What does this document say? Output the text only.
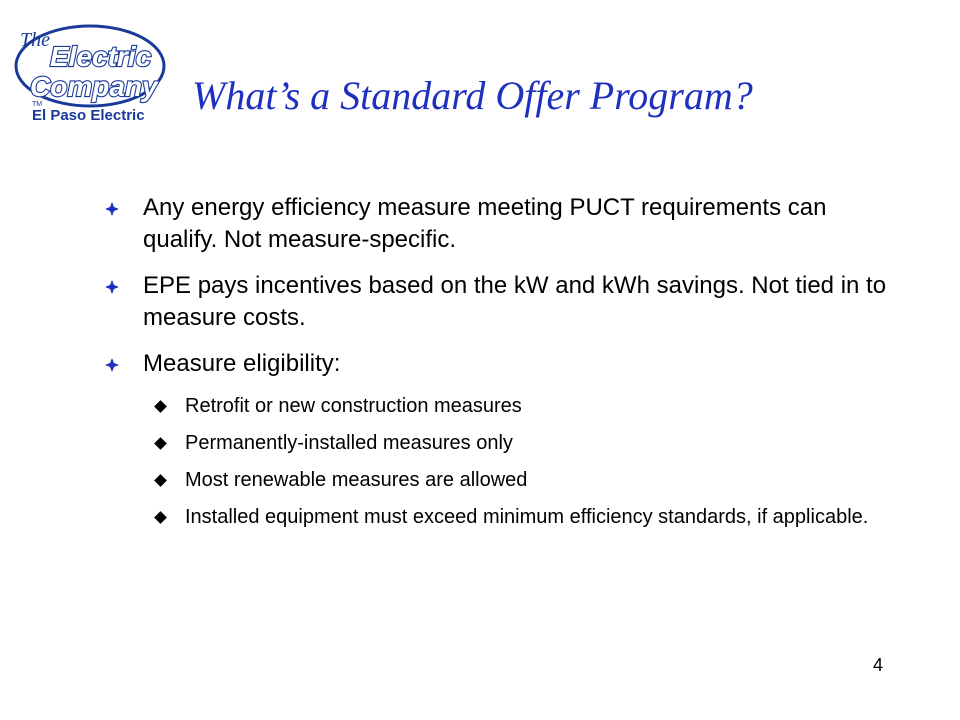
The
Electric
Company
TM
El Paso Electric What’s a Standard Offer Program?
Any energy efficiency measure meeting PUCT requirements can qualify. Not measure-specific.
EPE pays incentives based on the kW and kWh savings. Not tied in to measure costs.
Measure eligibility:
Retrofit or new construction measures
Permanently-installed measures only
Most renewable measures are allowed
Installed equipment must exceed minimum efficiency standards, if applicable.
4
